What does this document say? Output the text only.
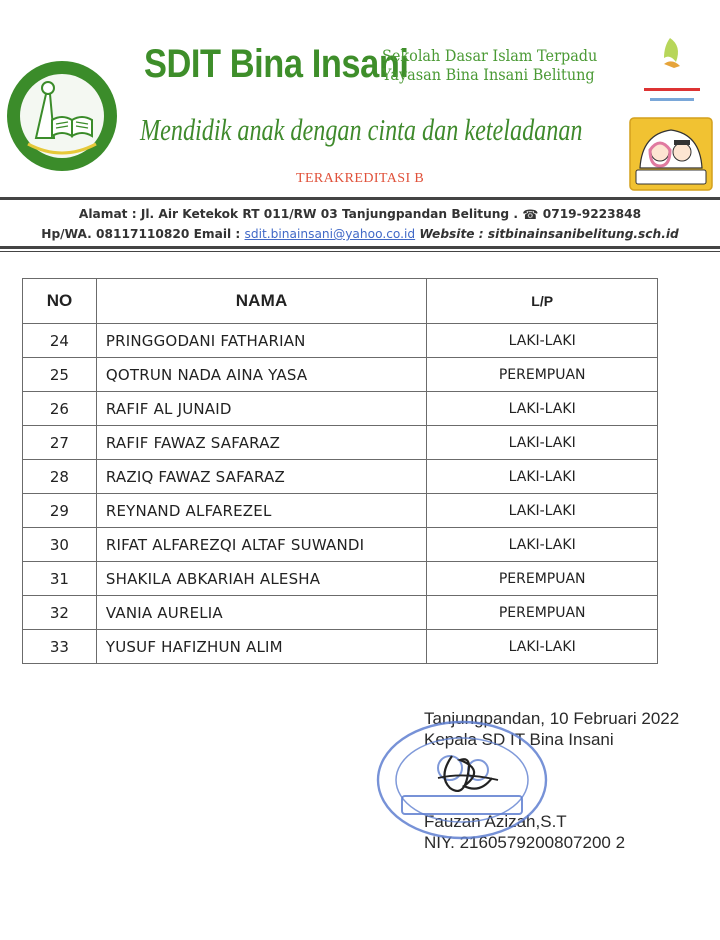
SDIT Bina Insani
Sekolah Dasar Islam Terpadu
Yayasan Bina Insani Belitung
Mendidik anak dengan cinta dan keteladanan
TERAKREDITASI B
Alamat : Jl. Air Ketekok RT 011/RW 03 Tanjungpandan Belitung . ☎ 0719-9223848
Hp/WA. 08117110820 Email : sdit.binainsani@yahoo.co.id Website : sitbinainsanibelitung.sch.id
NO	NAMA	L/P
24	PRINGGODANI FATHARIAN	LAKI-LAKI
25	QOTRUN NADA AINA YASA	PEREMPUAN
26	RAFIF AL JUNAID	LAKI-LAKI
27	RAFIF FAWAZ SAFARAZ	LAKI-LAKI
28	RAZIQ FAWAZ SAFARAZ	LAKI-LAKI
29	REYNAND ALFAREZEL	LAKI-LAKI
30	RIFAT ALFAREZQI ALTAF SUWANDI	LAKI-LAKI
31	SHAKILA ABKARIAH ALESHA	PEREMPUAN
32	VANIA AURELIA	PEREMPUAN
33	YUSUF HAFIZHUN ALIM	LAKI-LAKI
Tanjungpandan, 10 Februari 2022
Kepala SD IT Bina Insani
Fauzan Azizah,S.T
NIY. 2160579200807200 2
